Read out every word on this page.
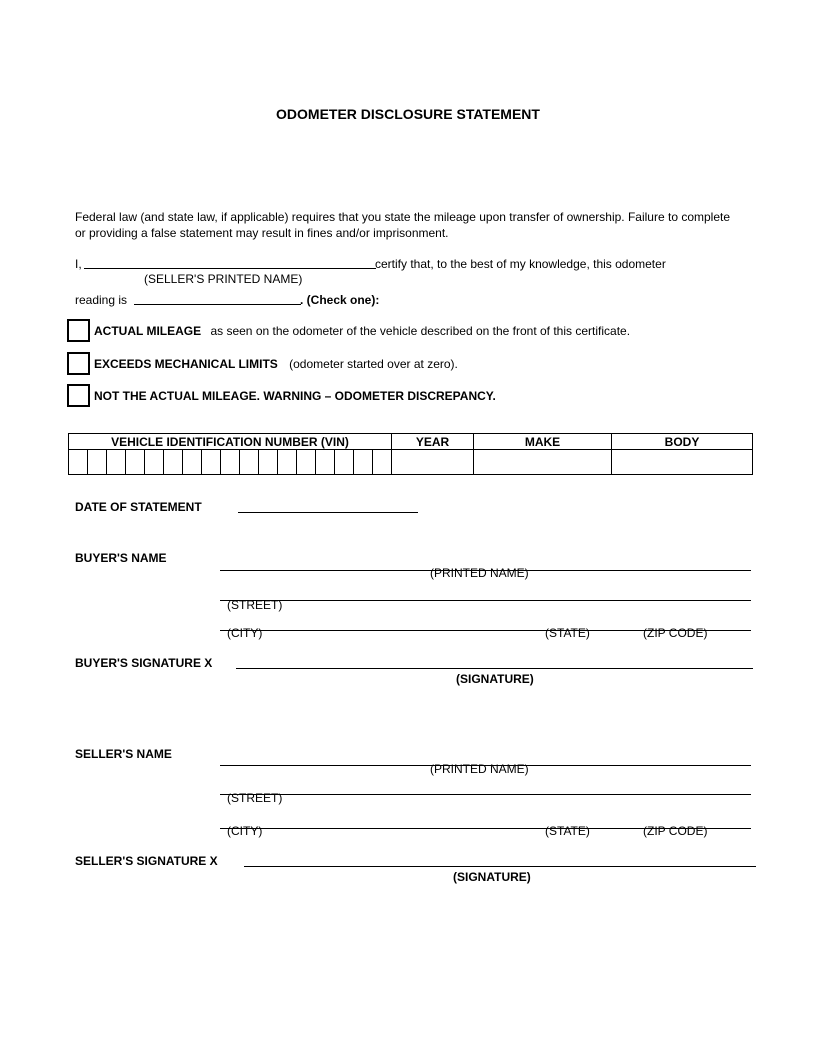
ODOMETER DISCLOSURE STATEMENT
Federal law (and state law, if applicable) requires that you state the mileage upon transfer of ownership. Failure to complete or providing a false statement may result in fines and/or imprisonment.
I,	certify that, to the best of my knowledge, this odometer
(SELLER'S PRINTED NAME)
reading is	. (Check one):
ACTUAL MILEAGE as seen on the odometer of the vehicle described on the front of this certificate.
EXCEEDS MECHANICAL LIMITS (odometer started over at zero).
NOT THE ACTUAL MILEAGE. WARNING – ODOMETER DISCREPANCY.
VEHICLE IDENTIFICATION NUMBER (VIN)	YEAR	MAKE	BODY

DATE OF STATEMENT
BUYER'S NAME
(PRINTED NAME)
(STREET)
(CITY)	(STATE)	(ZIP CODE)
BUYER'S SIGNATURE X
(SIGNATURE)
SELLER'S NAME
(PRINTED NAME)
(STREET)
(CITY)	(STATE)	(ZIP CODE)
SELLER'S SIGNATURE X
(SIGNATURE)
